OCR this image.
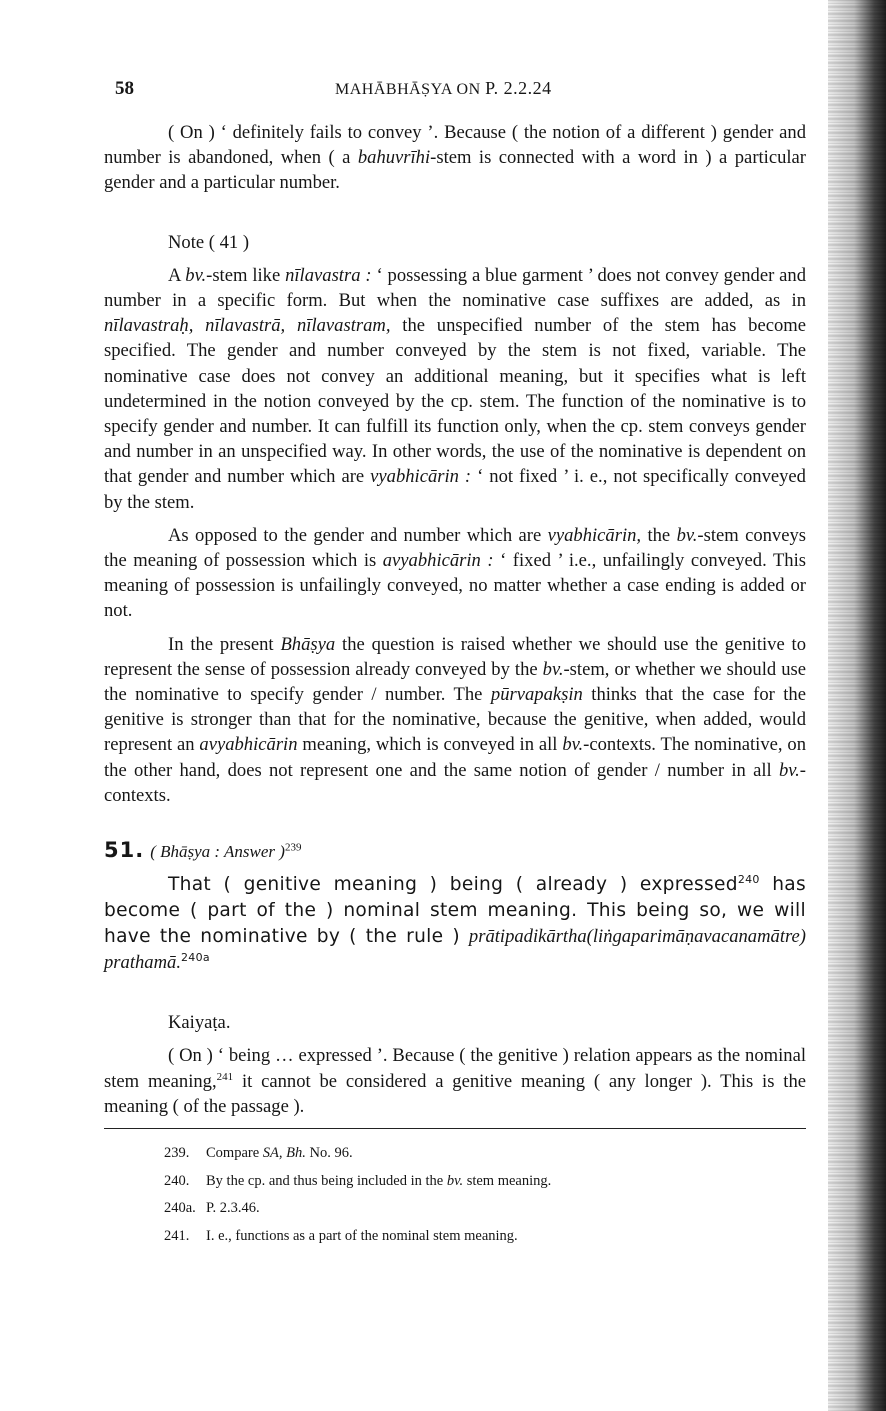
58	MAHĀBHĀṢYA ON P. 2.2.24

( On ) ‘ definitely fails to convey ’. Because ( the notion of a different ) gender and number is abandoned, when ( a bahuvrīhi-stem is connected with a word in ) a particular gender and a particular number.

Note ( 41 )

A bv.-stem like nīlavastra : ‘ possessing a blue garment ’ does not convey gender and number in a specific form. But when the nominative case suffixes are added, as in nīlavastraḥ, nīlavastrā, nīlavastram, the unspecified number of the stem has become specified. The gender and number conveyed by the stem is not fixed, variable. The nominative case does not convey an additional meaning, but it specifies what is left undetermined in the notion conveyed by the cp. stem. The function of the nominative is to specify gender and number. It can fulfill its function only, when the cp. stem conveys gender and number in an unspecified way. In other words, the use of the nominative is dependent on that gender and number which are vyabhicārin : ‘ not fixed ’ i. e., not specifically conveyed by the stem.

As opposed to the gender and number which are vyabhicārin, the bv.-stem conveys the meaning of possession which is avyabhicārin : ‘ fixed ’ i.e., unfailingly conveyed. This meaning of possession is unfailingly conveyed, no matter whether a case ending is added or not.

In the present Bhāṣya the question is raised whether we should use the genitive to represent the sense of possession already conveyed by the bv.-stem, or whether we should use the nominative to specify gender / number. The pūrvapakṣin thinks that the case for the genitive is stronger than that for the nominative, because the genitive, when added, would represent an avyabhicārin meaning, which is conveyed in all bv.-contexts. The nominative, on the other hand, does not represent one and the same notion of gender / number in all bv.-contexts.

51. ( Bhāṣya : Answer )$^{239}$

That ( genitive meaning ) being ( already ) expressed$^{240}$ has become ( part of the ) nominal stem meaning. This being so, we will have the nominative by ( the rule ) prātipadikārtha(liṅgaparimāṇavacanamātre) prathamā.$^{240a}$

Kaiyaṭa.

( On ) ‘ being … expressed ’. Because ( the genitive ) relation appears as the nominal stem meaning,$^{241}$ it cannot be considered a genitive meaning ( any longer ). This is the meaning ( of the passage ).

239. Compare SA, Bh. No. 96.
240. By the cp. and thus being included in the bv. stem meaning.
240a. P. 2.3.46.
241. I. e., functions as a part of the nominal stem meaning.
